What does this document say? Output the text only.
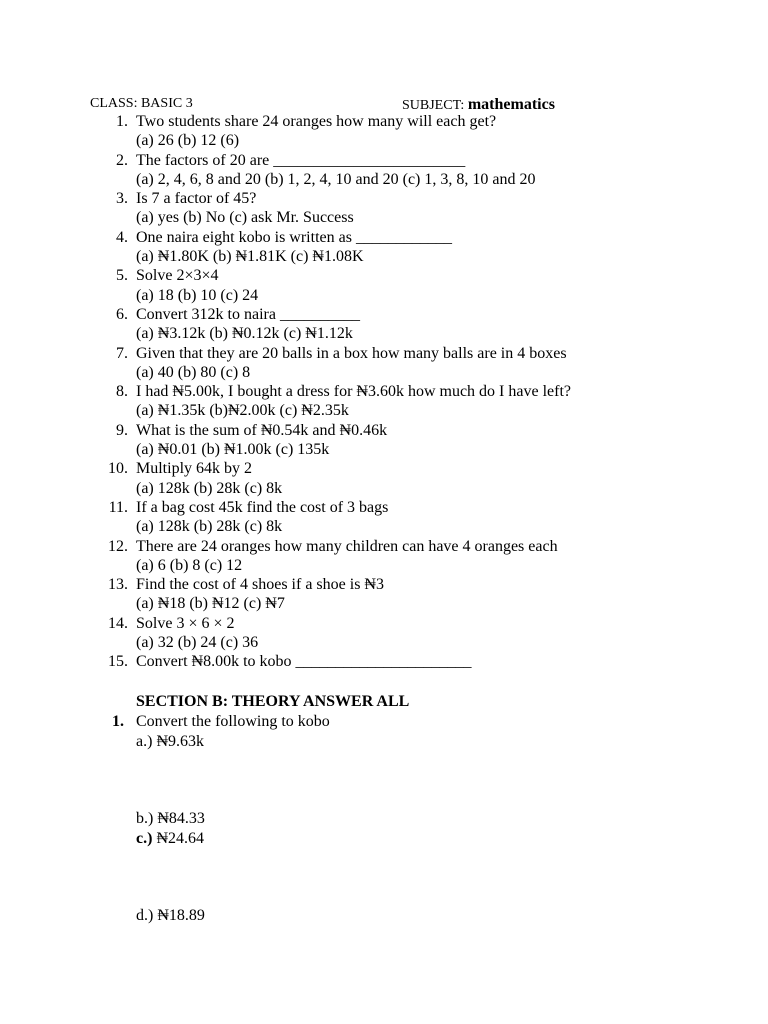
CLASS: BASIC 3	SUBJECT: mathematics
1. Two students share 24 oranges how many will each get?
(a) 26 (b) 12 (6)
2. The factors of 20 are ________________________
(a) 2, 4, 6, 8 and 20 (b) 1, 2, 4, 10 and 20 (c) 1, 3, 8, 10 and 20
3. Is 7 a factor of 45?
(a) yes (b) No (c) ask Mr. Success
4. One naira eight kobo is written as ____________
(a) ₦1.80K (b) ₦1.81K (c) ₦1.08K
5. Solve 2×3×4
(a) 18 (b) 10 (c) 24
6. Convert 312k to naira __________
(a) ₦3.12k (b) ₦0.12k (c) ₦1.12k
7. Given that they are 20 balls in a box how many balls are in 4 boxes
(a) 40 (b) 80 (c) 8
8. I had ₦5.00k, I bought a dress for ₦3.60k how much do I have left?
(a) ₦1.35k (b)₦2.00k (c) ₦2.35k
9. What is the sum of ₦0.54k and ₦0.46k
(a) ₦0.01 (b) ₦1.00k (c) 135k
10. Multiply 64k by 2
(a) 128k (b) 28k (c) 8k
11. If a bag cost 45k find the cost of 3 bags
(a) 128k (b) 28k (c) 8k
12. There are 24 oranges how many children can have 4 oranges each
(a) 6 (b) 8 (c) 12
13. Find the cost of 4 shoes if a shoe is ₦3
(a) ₦18 (b) ₦12 (c) ₦7
14. Solve 3 × 6 × 2
(a) 32 (b) 24 (c) 36
15. Convert ₦8.00k to kobo ______________________
SECTION B: THEORY ANSWER ALL
1. Convert the following to kobo
a.) ₦9.63k
b.) ₦84.33
c.) ₦24.64
d.) ₦18.89
